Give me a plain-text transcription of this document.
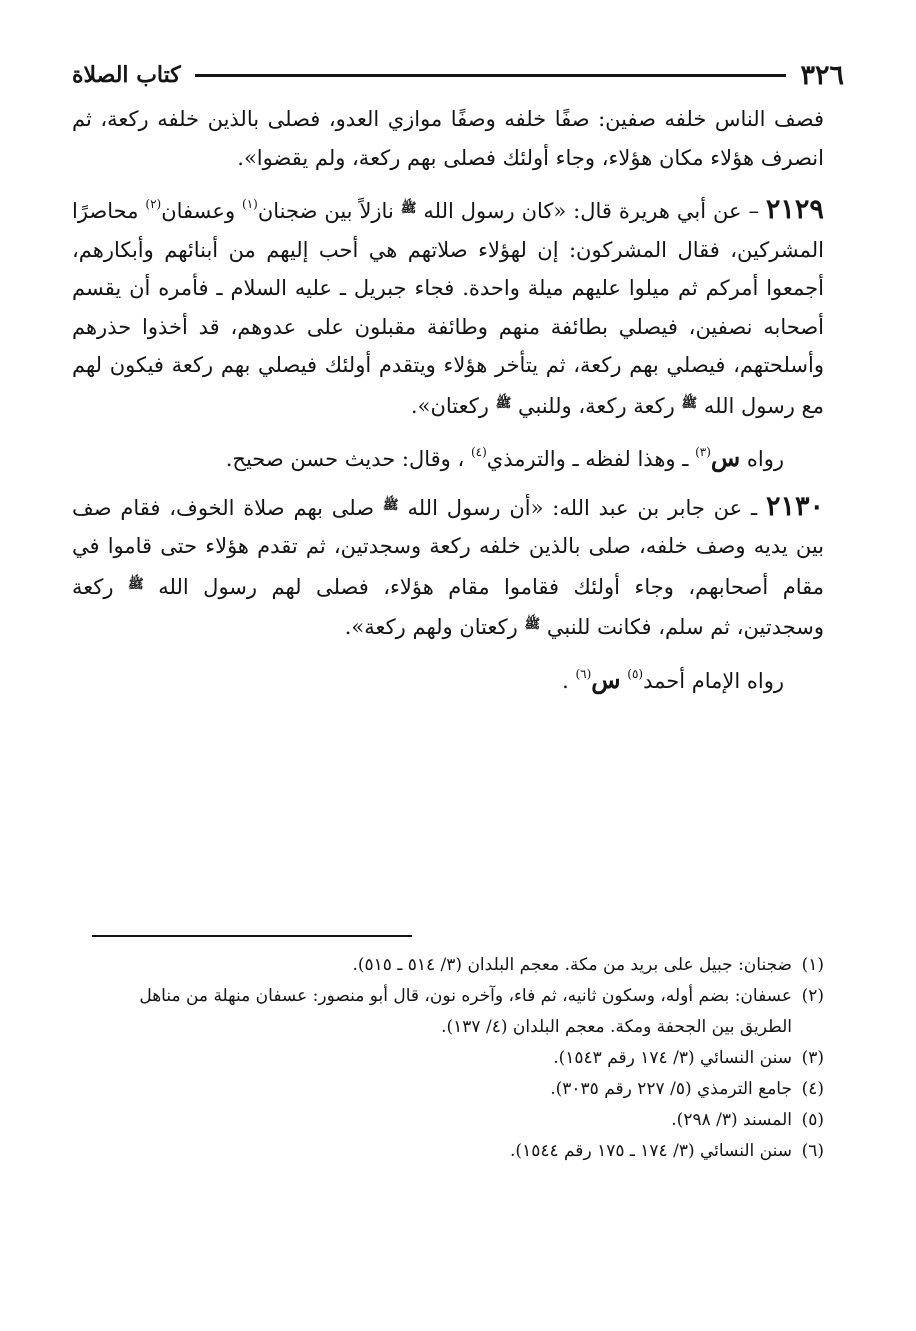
٣٢٦
كتاب الصلاة

فصف الناس خلفه صفين: صفًا خلفه وصفًا موازي العدو، فصلى بالذين خلفه ركعة، ثم انصرف هؤلاء مكان هؤلاء، وجاء أولئك فصلى بهم ركعة، ولم يقضوا».

٢١٢٩ – عن أبي هريرة قال: «كان رسول الله $^ﷺ$ نازلاً بين ضجنان$^{(١)}$ وعسفان$^{(٢)}$ محاصرًا المشركين، فقال المشركون: إن لهؤلاء صلاتهم هي أحب إليهم من أبنائهم وأبكارهم، أجمعوا أمركم ثم ميلوا عليهم ميلة واحدة. فجاء جبريل ـ عليه السلام ـ فأمره أن يقسم أصحابه نصفين، فيصلي بطائفة منهم وطائفة مقبلون على عدوهم، قد أخذوا حذرهم وأسلحتهم، فيصلي بهم ركعة، ثم يتأخر هؤلاء ويتقدم أولئك فيصلي بهم ركعة فيكون لهم مع رسول الله $^ﷺ$ ركعة ركعة، وللنبي $^ﷺ$ ركعتان».

رواه س$^{(٣)}$ ـ وهذا لفظه ـ والترمذي$^{(٤)}$ ، وقال: حديث حسن صحيح.

٢١٣٠ ـ عن جابر بن عبد الله: «أن رسول الله $^ﷺ$ صلى بهم صلاة الخوف، فقام صف بين يديه وصف خلفه، صلى بالذين خلفه ركعة وسجدتين، ثم تقدم هؤلاء حتى قاموا في مقام أصحابهم، وجاء أولئك فقاموا مقام هؤلاء، فصلى لهم رسول الله $^ﷺ$ ركعة وسجدتين، ثم سلم، فكانت للنبي $^ﷺ$ ركعتان ولهم ركعة».

رواه الإمام أحمد$^{(٥)}$ س$^{(٦)}$ .

(١)
ضجنان: جبيل على بريد من مكة. معجم البلدان (٣/ ٥١٤ ـ ٥١٥).
(٢)
عسفان: بضم أوله، وسكون ثانيه، ثم فاء، وآخره نون، قال أبو منصور: عسفان منهلة من مناهل الطريق بين الجحفة ومكة. معجم البلدان (٤/ ١٣٧).
(٣)
سنن النسائي (٣/ ١٧٤ رقم ١٥٤٣).
(٤)
جامع الترمذي (٥/ ٢٢٧ رقم ٣٠٣٥).
(٥)
المسند (٣/ ٢٩٨).
(٦)
سنن النسائي (٣/ ١٧٤ ـ ١٧٥ رقم ١٥٤٤).
